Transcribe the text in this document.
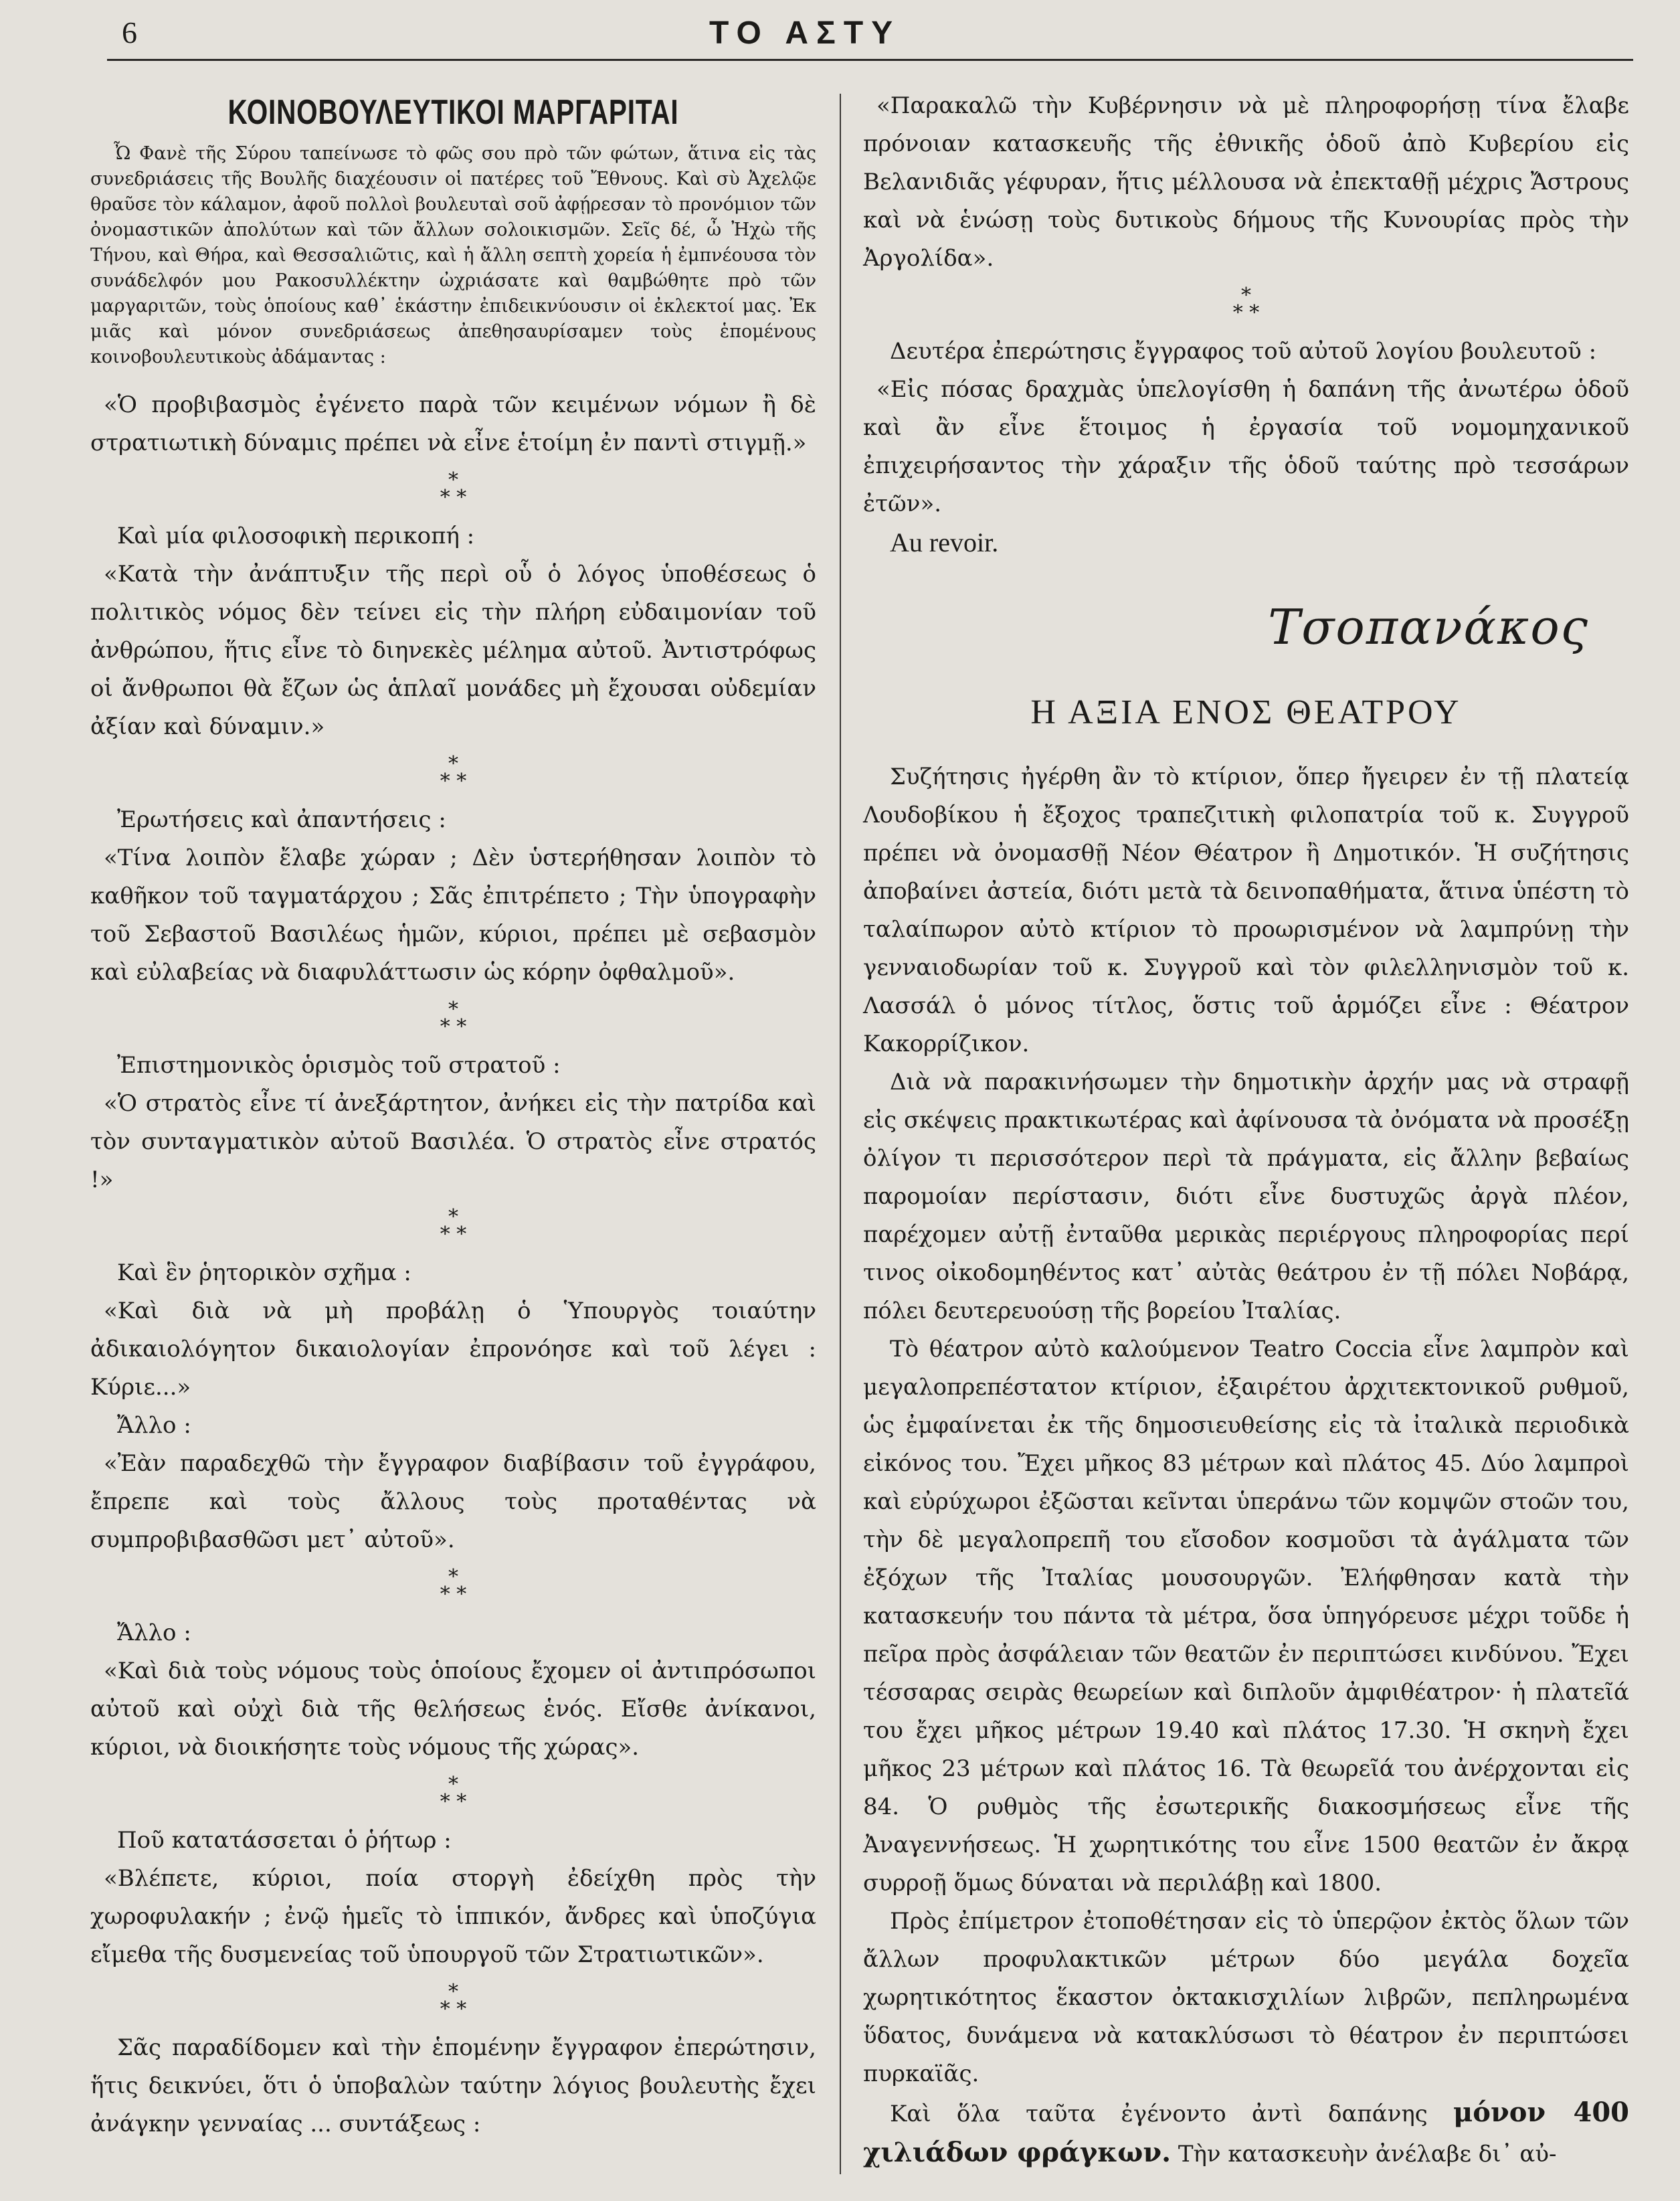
6	ΤΟ ΑΣΤΥ
ΚΟΙΝΟΒΟΥΛΕΥΤΙΚΟΙ ΜΑΡΓΑΡΙΤΑΙ

Ὦ Φανὲ τῆς Σύρου ταπείνωσε τὸ φῶς σου πρὸ τῶν φώτων, ἅτινα εἰς τὰς συνεδριάσεις τῆς Βουλῆς διαχέουσιν οἱ πατέρες τοῦ Ἔθνους. Καὶ σὺ Ἀχελῷε θραῦσε τὸν κάλαμον, ἀφοῦ πολλοὶ βουλευταὶ σοῦ ἀφῄρεσαν τὸ προνόμιον τῶν ὀνομαστικῶν ἀπολύτων καὶ τῶν ἄλλων σολοικισμῶν. Σεῖς δέ, ὦ Ἠχὼ τῆς Τήνου, καὶ Θήρα, καὶ Θεσσαλιῶτις, καὶ ἡ ἄλλη σεπτὴ χορεία ἡ ἐμπνέουσα τὸν συνάδελφόν μου Ρακοσυλλέκτην ὠχριάσατε καὶ θαμβώθητε πρὸ τῶν μαργαριτῶν, τοὺς ὁποίους καθ᾽ ἑκάστην ἐπιδεικνύουσιν οἱ ἐκλεκτοί μας. Ἐκ μιᾶς καὶ μόνον συνεδριάσεως ἀπεθησαυρίσαμεν τοὺς ἑπομένους κοινοβουλευτικοὺς ἀδάμαντας :

«Ὁ προβιβασμὸς ἐγένετο παρὰ τῶν κειμένων νόμων ἢ δὲ στρατιωτικὴ δύναμις πρέπει νὰ εἶνε ἑτοίμη ἐν παντὶ στιγμῇ.»

*
* *

Καὶ μία φιλοσοφικὴ περικοπή :

«Κατὰ τὴν ἀνάπτυξιν τῆς περὶ οὗ ὁ λόγος ὑποθέσεως ὁ πολιτικὸς νόμος δὲν τείνει εἰς τὴν πλήρη εὐδαιμονίαν τοῦ ἀνθρώπου, ἥτις εἶνε τὸ διηνεκὲς μέλημα αὐτοῦ. Ἀντιστρόφως οἱ ἄνθρωποι θὰ ἔζων ὡς ἁπλαῖ μονάδες μὴ ἔχουσαι οὐδεμίαν ἀξίαν καὶ δύναμιν.»

*
* *

Ἐρωτήσεις καὶ ἀπαντήσεις :

«Τίνα λοιπὸν ἔλαβε χώραν ; Δὲν ὑστερήθησαν λοιπὸν τὸ καθῆκον τοῦ ταγματάρχου ; Σᾶς ἐπιτρέπετο ; Τὴν ὑπογραφὴν τοῦ Σεβαστοῦ Βασιλέως ἡμῶν, κύριοι, πρέπει μὲ σεβασμὸν καὶ εὐλαβείας νὰ διαφυλάττωσιν ὡς κόρην ὀφθαλμοῦ».

*
* *

Ἐπιστημονικὸς ὁρισμὸς τοῦ στρατοῦ :

«Ὁ στρατὸς εἶνε τί ἀνεξάρτητον, ἀνήκει εἰς τὴν πατρίδα καὶ τὸν συνταγματικὸν αὐτοῦ Βασιλέα. Ὁ στρατὸς εἶνε στρατός !»

*
* *

Καὶ ἓν ῥητορικὸν σχῆμα :

«Καὶ διὰ νὰ μὴ προβάλῃ ὁ Ὑπουργὸς τοιαύτην ἀδικαιολόγητον δικαιολογίαν ἐπρονόησε καὶ τοῦ λέγει : Κύριε...»

Ἄλλο :

«Ἐὰν παραδεχθῶ τὴν ἔγγραφον διαβίβασιν τοῦ ἐγγράφου, ἔπρεπε καὶ τοὺς ἄλλους τοὺς προταθέντας νὰ συμπροβιβασθῶσι μετ᾽ αὐτοῦ».

*
* *

Ἄλλο :

«Καὶ διὰ τοὺς νόμους τοὺς ὁποίους ἔχομεν οἱ ἀντιπρόσωποι αὐτοῦ καὶ οὐχὶ διὰ τῆς θελήσεως ἑνός. Εἴσθε ἀνίκανοι, κύριοι, νὰ διοικήσητε τοὺς νόμους τῆς χώρας».

*
* *

Ποῦ κατατάσσεται ὁ ῥήτωρ :

«Βλέπετε, κύριοι, ποία στοργὴ ἐδείχθη πρὸς τὴν χωροφυλακήν ; ἐνῷ ἡμεῖς τὸ ἱππικόν, ἄνδρες καὶ ὑποζύγια εἴμεθα τῆς δυσμενείας τοῦ ὑπουργοῦ τῶν Στρατιωτικῶν».

*
* *

Σᾶς παραδίδομεν καὶ τὴν ἑπομένην ἔγγραφον ἐπερώτησιν, ἥτις δεικνύει, ὅτι ὁ ὑποβαλὼν ταύτην λόγιος βουλευτὴς ἔχει ἀνάγκην γενναίας ... συντάξεως :

«Παρακαλῶ τὴν Κυβέρνησιν νὰ μὲ πληροφορήσῃ τίνα ἔλαβε πρόνοιαν κατασκευῆς τῆς ἐθνικῆς ὁδοῦ ἀπὸ Κυβερίου εἰς Βελανιδιᾶς γέφυραν, ἥτις μέλλουσα νὰ ἐπεκταθῇ μέχρις Ἄστρους καὶ νὰ ἑνώσῃ τοὺς δυτικοὺς δήμους τῆς Κυνουρίας πρὸς τὴν Ἀργολίδα».

*
* *

Δευτέρα ἐπερώτησις ἔγγραφος τοῦ αὐτοῦ λογίου βουλευτοῦ :

«Εἰς πόσας δραχμὰς ὑπελογίσθη ἡ δαπάνη τῆς ἀνωτέρω ὁδοῦ καὶ ἂν εἶνε ἕτοιμος ἡ ἐργασία τοῦ νομομηχανικοῦ ἐπιχειρήσαντος τὴν χάραξιν τῆς ὁδοῦ ταύτης πρὸ τεσσάρων ἐτῶν».

Au revoir.

Τσοπανάκος
Η ΑΞΙΑ ΕΝΟΣ ΘΕΑΤΡΟΥ

Συζήτησις ἠγέρθη ἂν τὸ κτίριον, ὅπερ ἤγειρεν ἐν τῇ πλατείᾳ Λουδοβίκου ἡ ἔξοχος τραπεζιτικὴ φιλοπατρία τοῦ κ. Συγγροῦ πρέπει νὰ ὀνομασθῇ Νέον Θέατρον ἢ Δημοτικόν. Ἡ συζήτησις ἀποβαίνει ἀστεία, διότι μετὰ τὰ δεινοπαθήματα, ἅτινα ὑπέστη τὸ ταλαίπωρον αὐτὸ κτίριον τὸ προωρισμένον νὰ λαμπρύνῃ τὴν γενναιοδωρίαν τοῦ κ. Συγγροῦ καὶ τὸν φιλελληνισμὸν τοῦ κ. Λασσάλ ὁ μόνος τίτλος, ὅστις τοῦ ἁρμόζει εἶνε : Θέατρον Κακορρίζικον.

Διὰ νὰ παρακινήσωμεν τὴν δημοτικὴν ἀρχήν μας νὰ στραφῇ εἰς σκέψεις πρακτικωτέρας καὶ ἀφίνουσα τὰ ὀνόματα νὰ προσέξῃ ὀλίγον τι περισσότερον περὶ τὰ πράγματα, εἰς ἄλλην βεβαίως παρομοίαν περίστασιν, διότι εἶνε δυστυχῶς ἀργὰ πλέον, παρέχομεν αὐτῇ ἐνταῦθα μερικὰς περιέργους πληροφορίας περί τινος οἰκοδομηθέντος κατ᾽ αὐτὰς θεάτρου ἐν τῇ πόλει Νοβάρᾳ, πόλει δευτερευούσῃ τῆς βορείου Ἰταλίας.

Τὸ θέατρον αὐτὸ καλούμενον Teatro Coccia εἶνε λαμπρὸν καὶ μεγαλοπρεπέστατον κτίριον, ἐξαιρέτου ἀρχιτεκτονικοῦ ρυθμοῦ, ὡς ἐμφαίνεται ἐκ τῆς δημοσιευθείσης εἰς τὰ ἰταλικὰ περιοδικὰ εἰκόνος του. Ἔχει μῆκος 83 μέτρων καὶ πλάτος 45. Δύο λαμπροὶ καὶ εὐρύχωροι ἐξῶσται κεῖνται ὑπεράνω τῶν κομψῶν στοῶν του, τὴν δὲ μεγαλοπρεπῆ του εἴσοδον κοσμοῦσι τὰ ἀγάλματα τῶν ἐξόχων τῆς Ἰταλίας μουσουργῶν. Ἐλήφθησαν κατὰ τὴν κατασκευήν του πάντα τὰ μέτρα, ὅσα ὑπηγόρευσε μέχρι τοῦδε ἡ πεῖρα πρὸς ἀσφάλειαν τῶν θεατῶν ἐν περιπτώσει κινδύνου. Ἔχει τέσσαρας σειρὰς θεωρείων καὶ διπλοῦν ἀμφιθέατρον· ἡ πλατεῖά του ἔχει μῆκος μέτρων 19.40 καὶ πλάτος 17.30. Ἡ σκηνὴ ἔχει μῆκος 23 μέτρων καὶ πλάτος 16. Τὰ θεωρεῖά του ἀνέρχονται εἰς 84. Ὁ ρυθμὸς τῆς ἐσωτερικῆς διακοσμήσεως εἶνε τῆς Ἀναγεννήσεως. Ἡ χωρητικότης του εἶνε 1500 θεατῶν ἐν ἄκρᾳ συρροῇ ὅμως δύναται νὰ περιλάβῃ καὶ 1800.

Πρὸς ἐπίμετρον ἐτοποθέτησαν εἰς τὸ ὑπερῷον ἐκτὸς ὅλων τῶν ἄλλων προφυλακτικῶν μέτρων δύο μεγάλα δοχεῖα χωρητικότητος ἕκαστον ὀκτακισχιλίων λιβρῶν, πεπληρωμένα ὕδατος, δυνάμενα νὰ κατακλύσωσι τὸ θέατρον ἐν περιπτώσει πυρκαϊᾶς.

Καὶ ὅλα ταῦτα ἐγένοντο ἀντὶ δαπάνης μόνον 400 χιλιάδων φράγκων. Τὴν κατασκευὴν ἀνέλαβε δι᾽ αὐ-
